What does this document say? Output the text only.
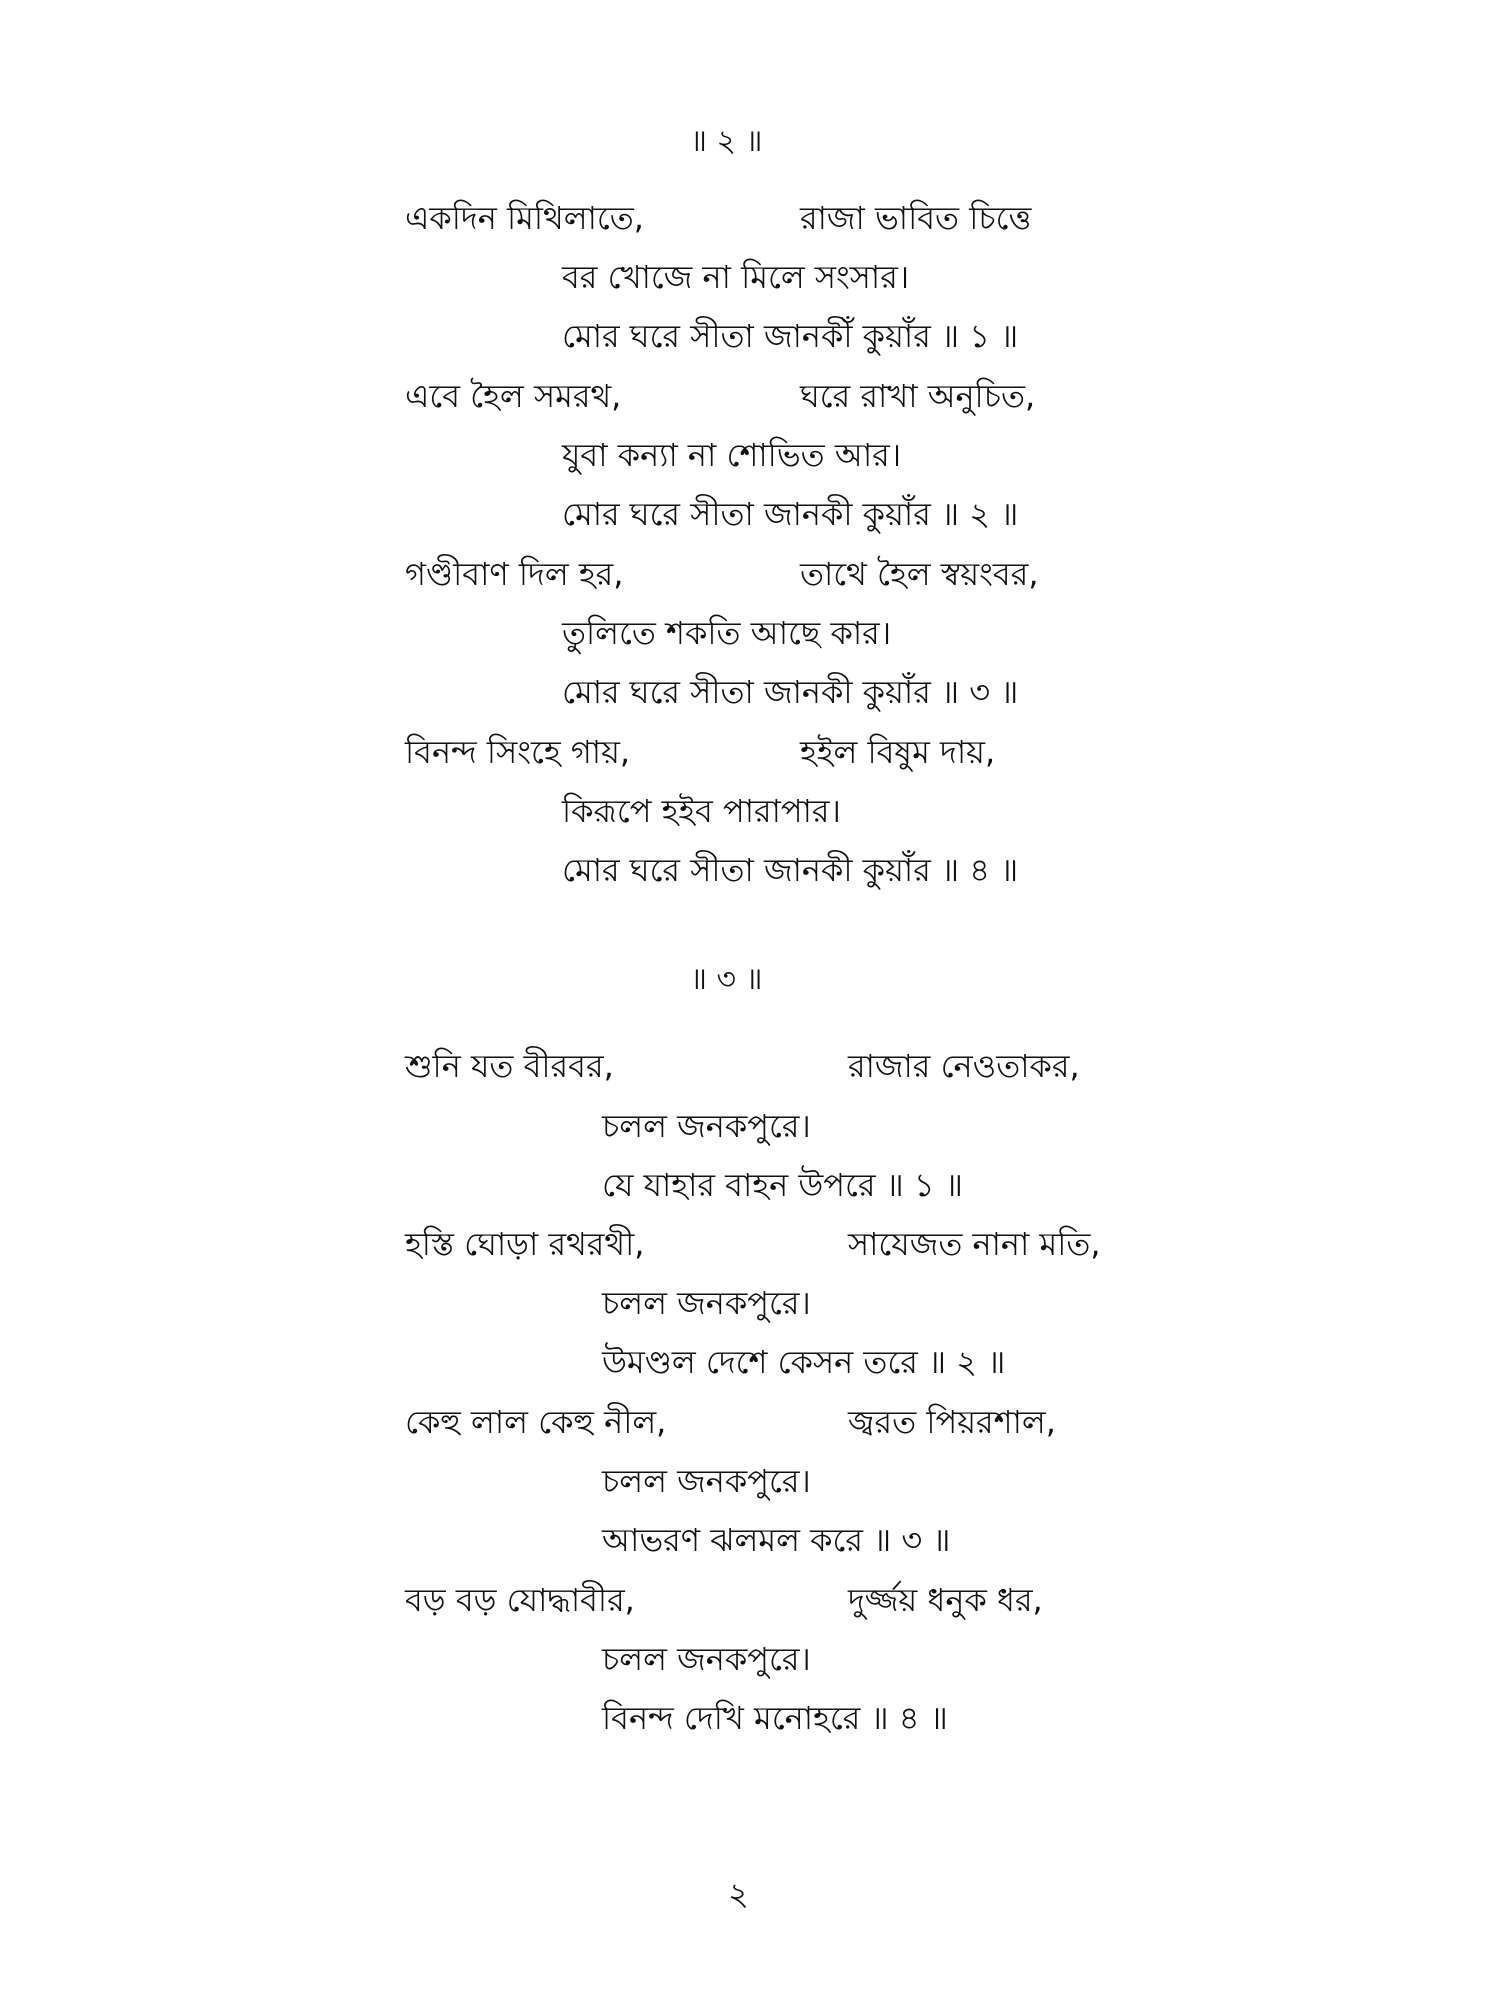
॥ ২ ॥
একদিন মিথিলাতে,	রাজা ভাবিত চিত্তে
বর খোজে না মিলে সংসার।
মোর ঘরে সীতা জানকীঁ কুয়াঁর ॥ ১ ॥
এবে হৈল সমরথ,	ঘরে রাখা অনুচিত,
যুবা কন্যা না শোভিত আর।
মোর ঘরে সীতা জানকী কুয়াঁর ॥ ২ ॥
গণ্ডীবাণ দিল হর,	তাথে হৈল স্বয়ংবর,
তুলিতে শকতি আছে কার।
মোর ঘরে সীতা জানকী কুয়াঁর ॥ ৩ ॥
বিনন্দ সিংহে গায়,	হইল বিষুম দায়,
কিরূপে হইব পারাপার।
মোর ঘরে সীতা জানকী কুয়াঁর ॥ ৪ ॥
॥ ৩ ॥
শুনি যত বীরবর,	রাজার নেওতাকর,
চলল জনকপুরে।
যে যাহার বাহন উপরে ॥ ১ ॥
হস্তি ঘোড়া রথরথী,	সাযেজত নানা মতি,
চলল জনকপুরে।
উমণ্ডল দেশে কেসন তরে ॥ ২ ॥
কেহু লাল কেহু নীল,	জ্বরত পিয়রশাল,
চলল জনকপুরে।
আভরণ ঝলমল করে ॥ ৩ ॥
বড় বড় যোদ্ধাবীর,	দুর্জ্জয় ধনুক ধর,
চলল জনকপুরে।
বিনন্দ দেখি মনোহরে ॥ ৪ ॥
২
